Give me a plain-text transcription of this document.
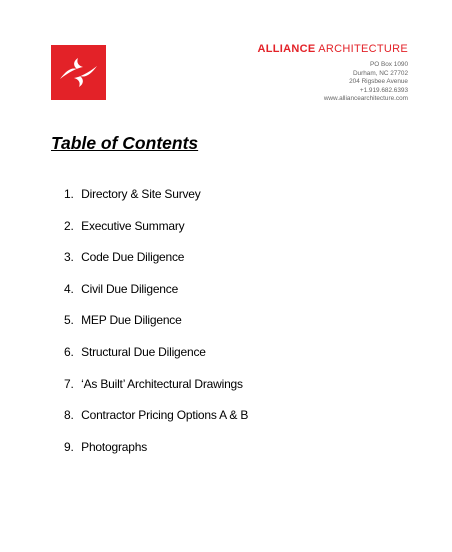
ALLIANCE ARCHITECTURE
PO Box 1090
Durham, NC 27702
204 Rigsbee Avenue
+1.919.682.6393
www.alliancearchitecture.com
Table of Contents
1. Directory & Site Survey
2. Executive Summary
3. Code Due Diligence
4. Civil Due Diligence
5. MEP Due Diligence
6. Structural Due Diligence
7. ‘As Built’ Architectural Drawings
8. Contractor Pricing Options A & B
9. Photographs
